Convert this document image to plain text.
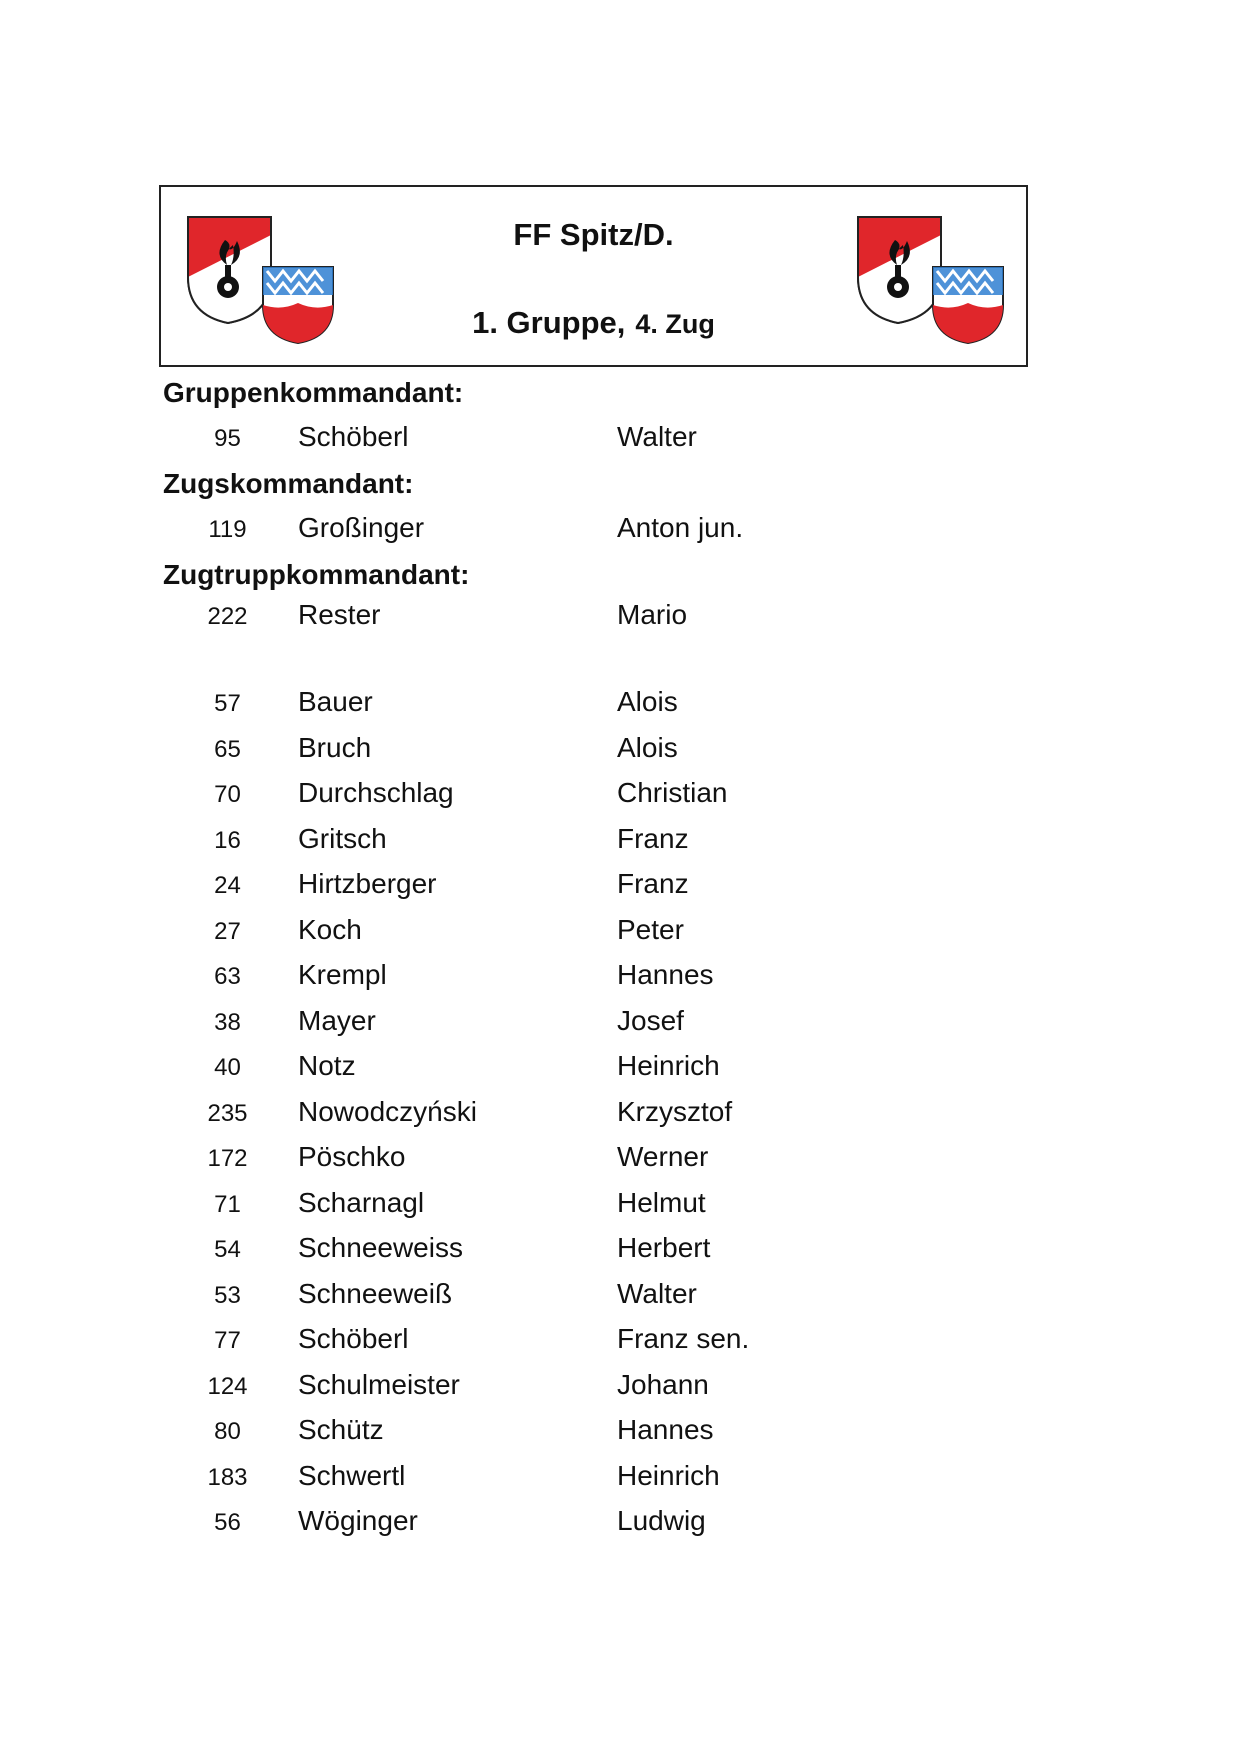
FF Spitz/D.
1. Gruppe, 4. Zug
Gruppenkommandant:
95	Schöberl	Walter
Zugskommandant:
119	Großinger	Anton jun.
Zugtruppkommandant:
222	Rester	Mario
57	Bauer	Alois
65	Bruch	Alois
70	Durchschlag	Christian
16	Gritsch	Franz
24	Hirtzberger	Franz
27	Koch	Peter
63	Krempl	Hannes
38	Mayer	Josef
40	Notz	Heinrich
235	Nowodczyński	Krzysztof
172	Pöschko	Werner
71	Scharnagl	Helmut
54	Schneeweiss	Herbert
53	Schneeweiß	Walter
77	Schöberl	Franz sen.
124	Schulmeister	Johann
80	Schütz	Hannes
183	Schwertl	Heinrich
56	Wöginger	Ludwig
